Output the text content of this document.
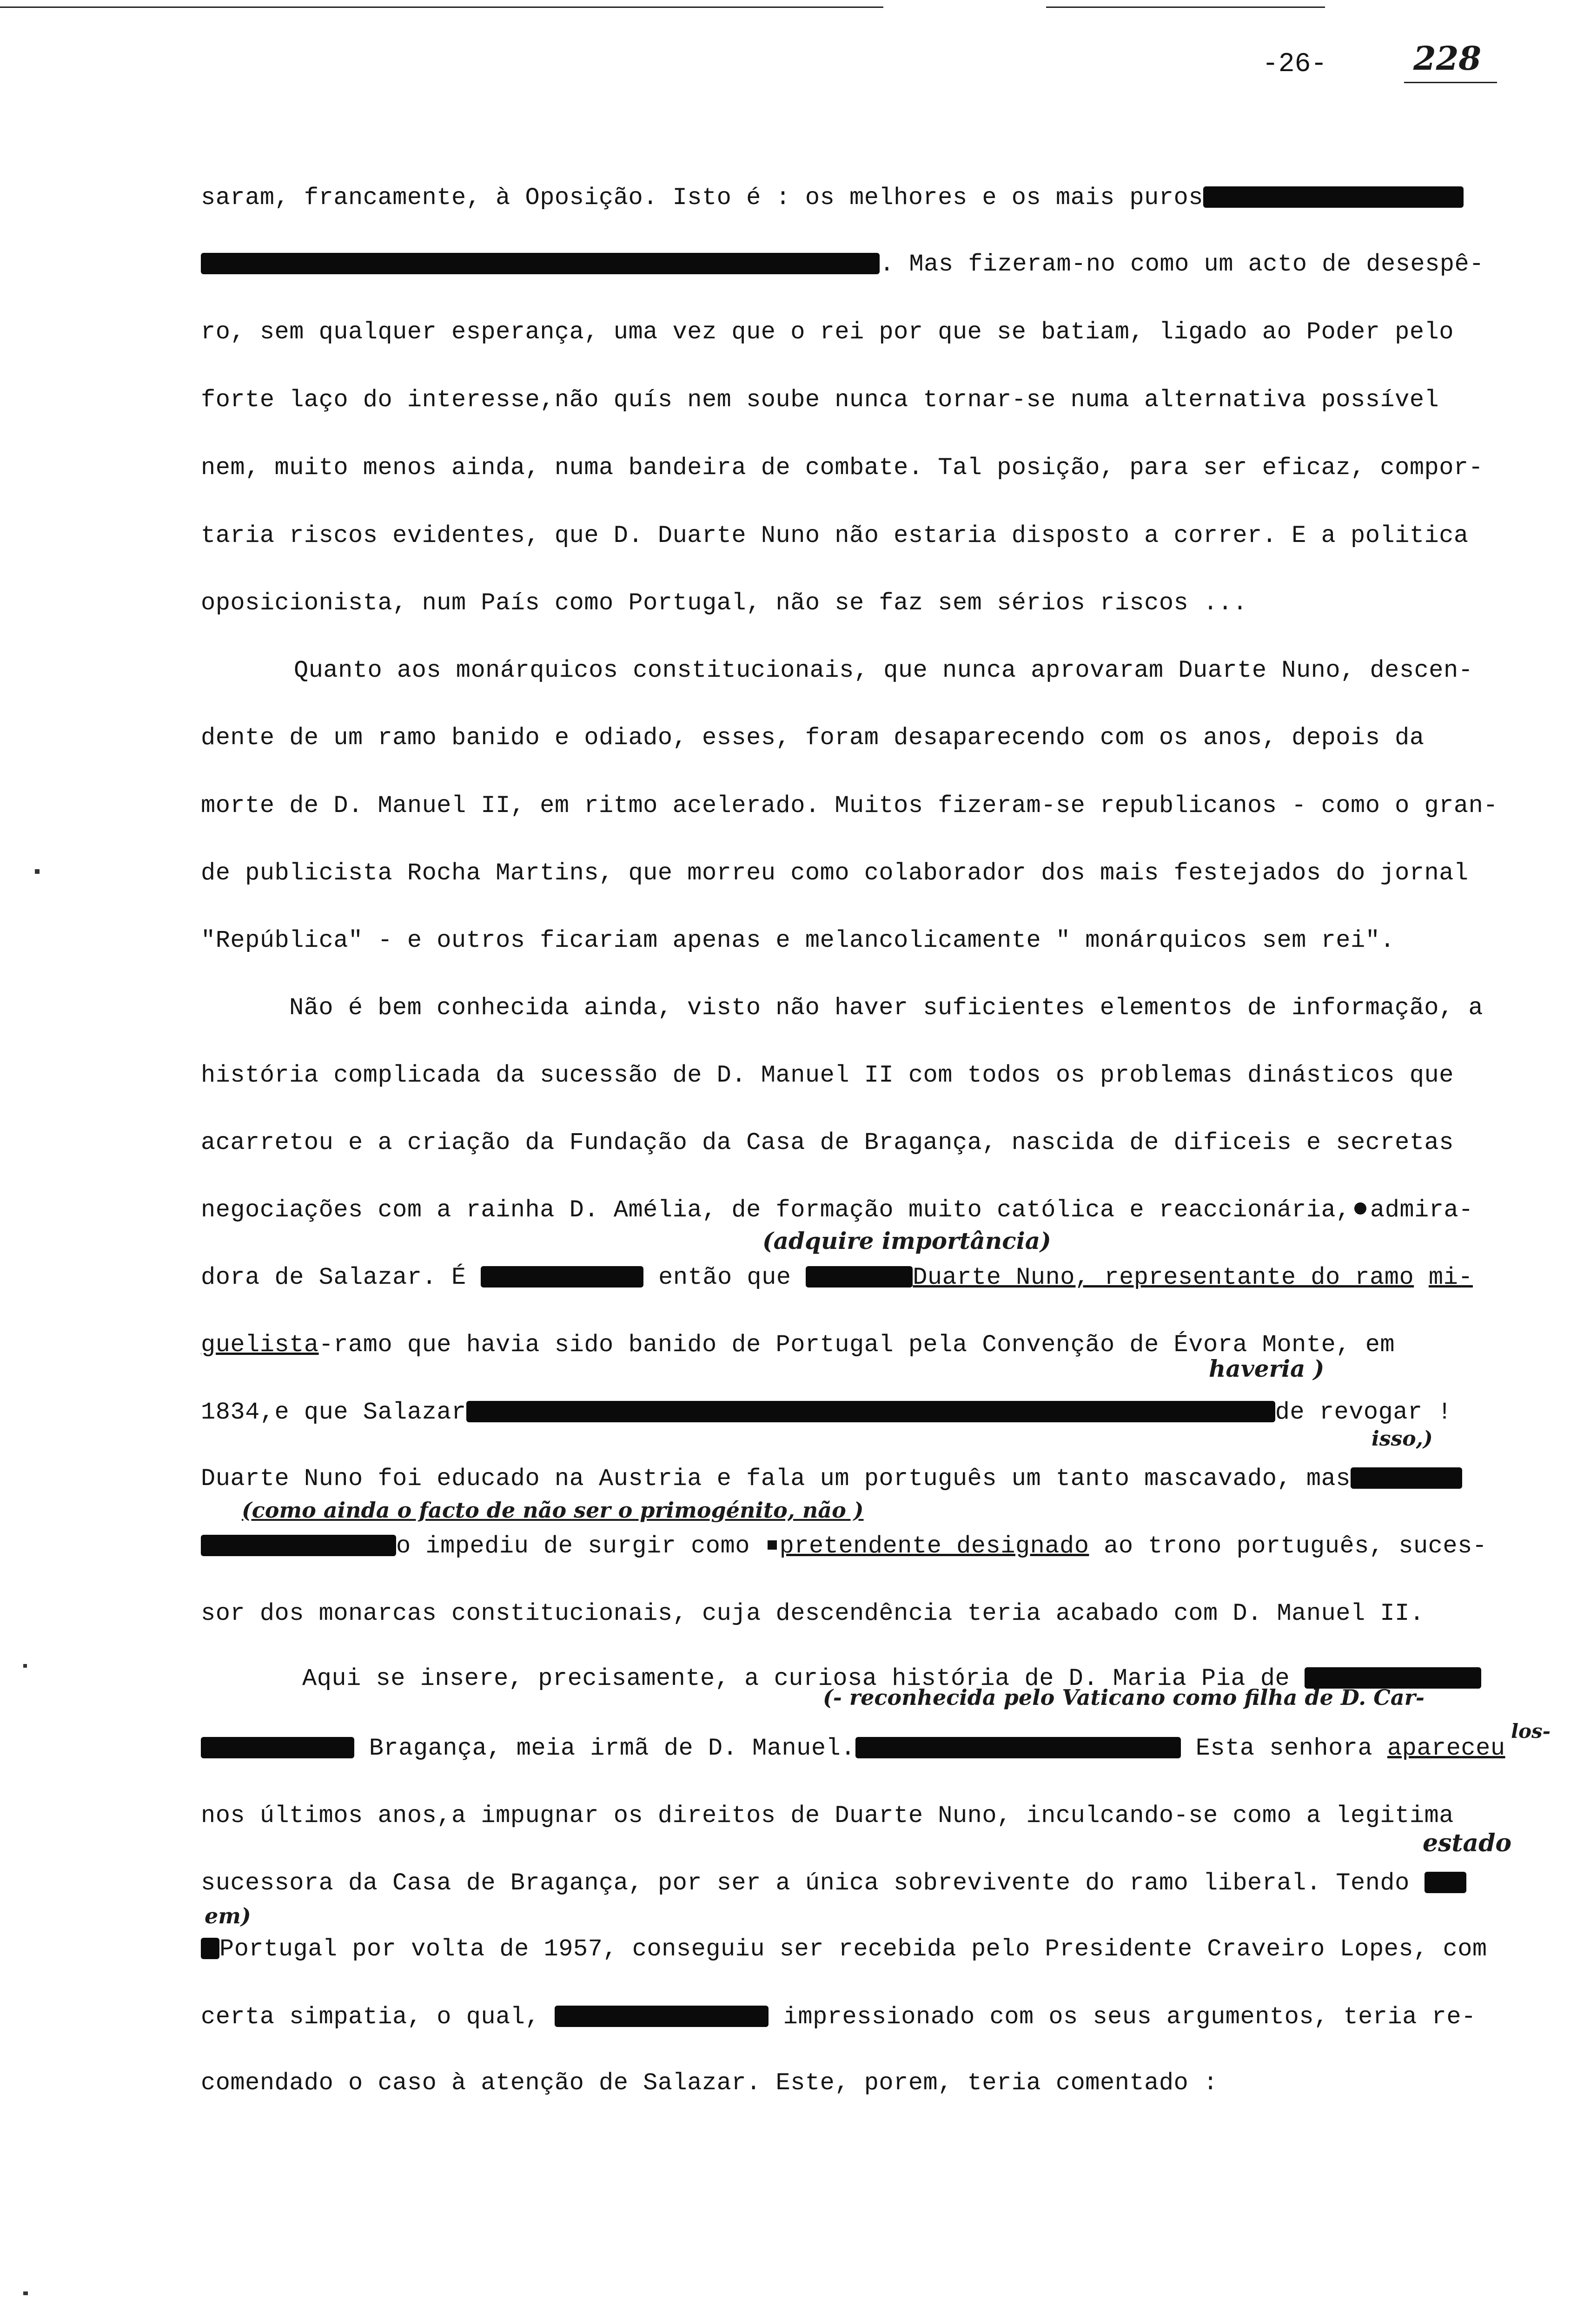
-26-	228
saram, francamente, à Oposição. Isto é : os melhores e os mais puros
. Mas fizeram-no como um acto de desespê-
ro, sem qualquer esperança, uma vez que o rei por que se batiam, ligado ao Poder pelo
forte laço do interesse,não quís nem soube nunca tornar-se numa alternativa possível
nem, muito menos ainda, numa bandeira de combate. Tal posição, para ser eficaz, compor-
taria riscos evidentes, que D. Duarte Nuno não estaria disposto a correr. E a politica
oposicionista, num País como Portugal, não se faz sem sérios riscos ...
Quanto aos monárquicos constitucionais, que nunca aprovaram Duarte Nuno, descen-
dente de um ramo banido e odiado, esses, foram desaparecendo com os anos, depois da
morte de D. Manuel II, em ritmo acelerado. Muitos fizeram-se republicanos - como o gran-
de publicista Rocha Martins, que morreu como colaborador dos mais festejados do jornal
"República" - e outros ficariam apenas e melancolicamente " monárquicos sem rei".
Não é bem conhecida ainda, visto não haver suficientes elementos de informação, a
história complicada da sucessão de D. Manuel II com todos os problemas dinásticos que
acarretou e a criação da Fundação da Casa de Bragança, nascida de dificeis e secretas
negociações com a rainha D. Amélia, de formação muito católica e reaccionária, admira-
(adquire importância)
dora de Salazar. É	então que	Duarte Nuno, representante do ramo mi-
guelista-ramo que havia sido banido de Portugal pela Convenção de Évora Monte, em
haveria )
1834,e que Salazar	de revogar !
isso,)
Duarte Nuno foi educado na Austria e fala um português um tanto mascavado, mas
(como ainda o facto de não ser o primogénito, não )
o impediu de surgir como pretendente designado ao trono português, suces-
sor dos monarcas constitucionais, cuja descendência teria acabado com D. Manuel II.
Aqui se insere, precisamente, a curiosa história de D. Maria Pia de
(- reconhecida pelo Vaticano como filha de D. Car-
los-
Bragança, meia irmã de D. Manuel.	Esta senhora apareceu
nos últimos anos,a impugnar os direitos de Duarte Nuno, inculcando-se como a legitima
estado
sucessora da Casa de Bragança, por ser a única sobrevivente do ramo liberal. Tendo
em)
Portugal por volta de 1957, conseguiu ser recebida pelo Presidente Craveiro Lopes, com
certa simpatia, o qual,	impressionado com os seus argumentos, teria re-
comendado o caso à atenção de Salazar. Este, porem, teria comentado :
